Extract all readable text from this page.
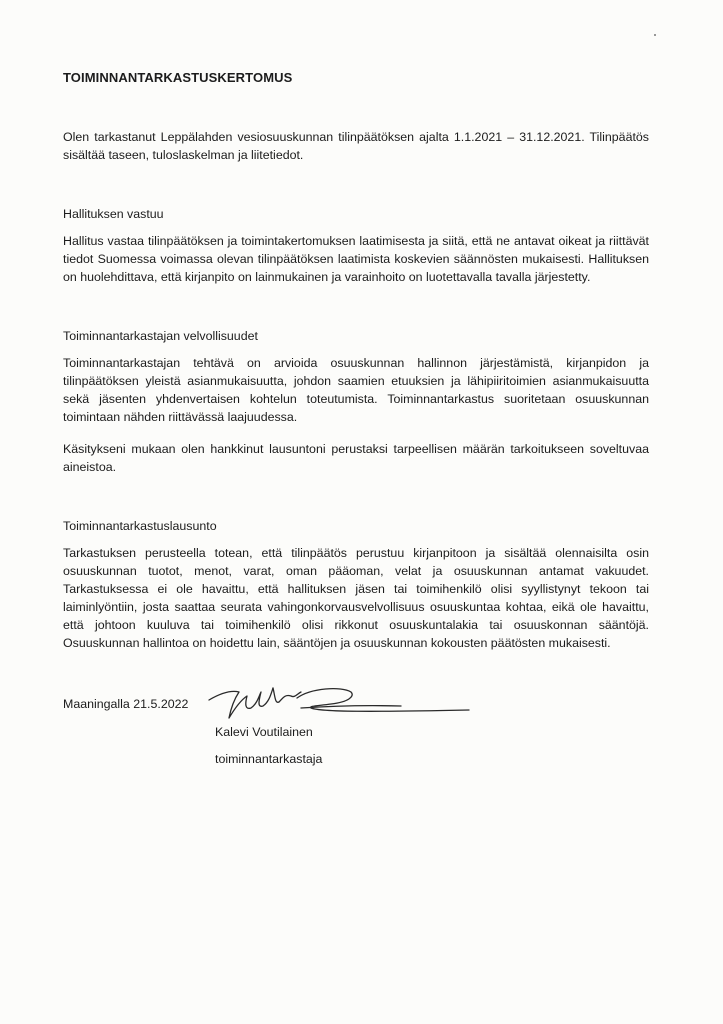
TOIMINNANTARKASTUSKERTOMUS

Olen tarkastanut Leppälahden vesiosuuskunnan tilinpäätöksen ajalta 1.1.2021 – 31.12.2021. Tilinpäätös sisältää taseen, tuloslaskelman ja liitetiedot.

Hallituksen vastuu

Hallitus vastaa tilinpäätöksen ja toimintakertomuksen laatimisesta ja siitä, että ne antavat oikeat ja riittävät tiedot Suomessa voimassa olevan tilinpäätöksen laatimista koskevien säännösten mukaisesti. Hallituksen on huolehdittava, että kirjanpito on lainmukainen ja varainhoito on luotettavalla tavalla järjestetty.

Toiminnantarkastajan velvollisuudet

Toiminnantarkastajan tehtävä on arvioida osuuskunnan hallinnon järjestämistä, kirjanpidon ja tilinpäätöksen yleistä asianmukaisuutta, johdon saamien etuuksien ja lähipiiritoimien asianmukaisuutta sekä jäsenten yhdenvertaisen kohtelun toteutumista. Toiminnantarkastus suoritetaan osuuskunnan toimintaan nähden riittävässä laajuudessa.

Käsitykseni mukaan olen hankkinut lausuntoni perustaksi tarpeellisen määrän tarkoitukseen soveltuvaa aineistoa.

Toiminnantarkastuslausunto

Tarkastuksen perusteella totean, että tilinpäätös perustuu kirjanpitoon ja sisältää olennaisilta osin osuuskunnan tuotot, menot, varat, oman pääoman, velat ja osuuskunnan antamat vakuudet. Tarkastuksessa ei ole havaittu, että hallituksen jäsen tai toimihenkilö olisi syyllistynyt tekoon tai laiminlyöntiin, josta saattaa seurata vahingonkorvausvelvollisuus osuuskuntaa kohtaa, eikä ole havaittu, että johtoon kuuluva tai toimihenkilö olisi rikkonut osuuskuntalakia tai osuuskonnan sääntöjä. Osuuskunnan hallintoa on hoidettu lain, sääntöjen ja osuuskunnan kokousten päätösten mukaisesti.

Maaningalla 21.5.2022

Kalevi Voutilainen
toiminnantarkastaja
